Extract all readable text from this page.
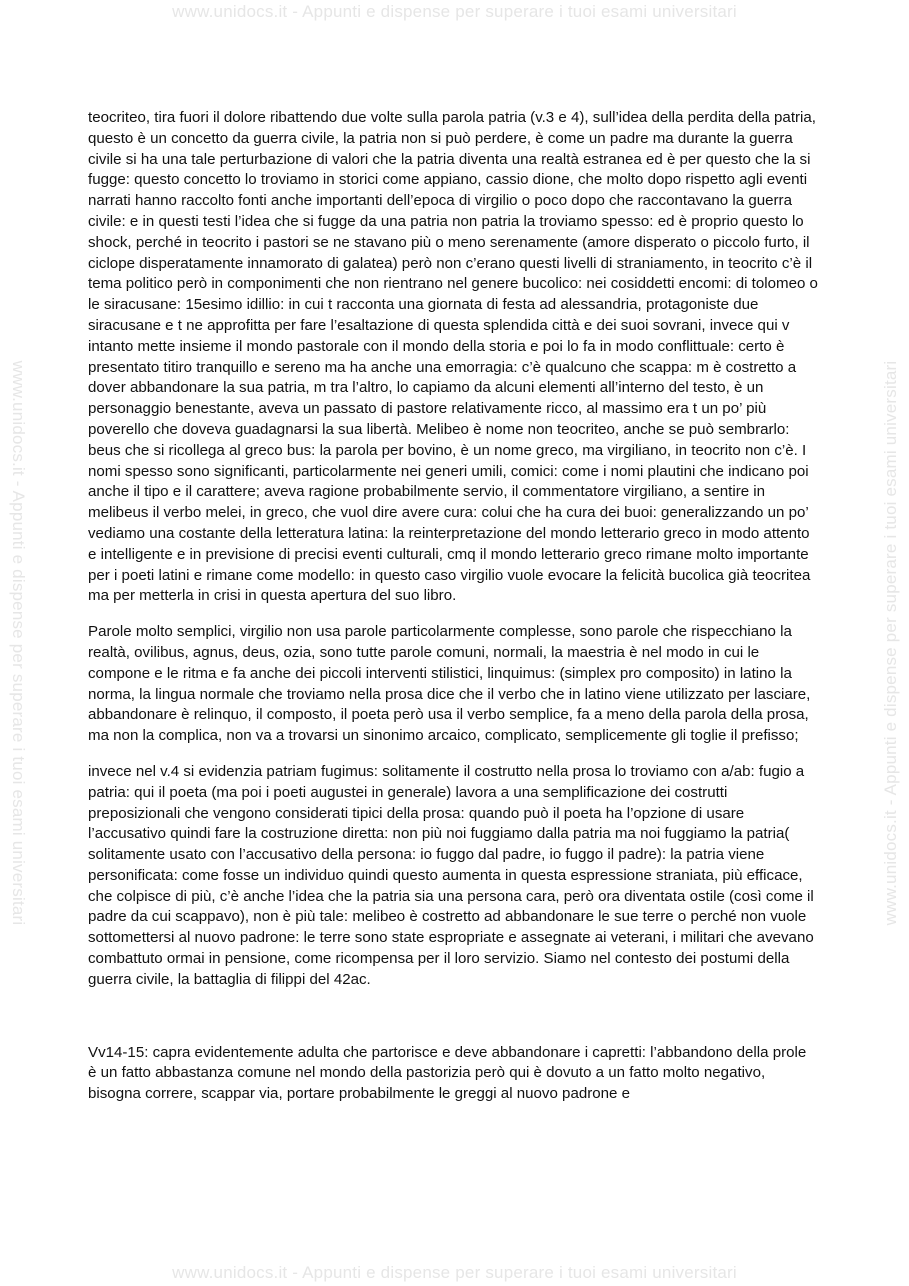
www.unidocs.it - Appunti e dispense per superare i tuoi esami universitari
www.unidocs.it - Appunti e dispense per superare i tuoi esami universitari	www.unidocs.it - Appunti e dispense per superare i tuoi esami universitari

teocriteo, tira fuori il dolore ribattendo due volte sulla parola patria (v.3 e 4), sull’idea della perdita della patria, questo è un concetto da guerra civile, la patria non si può perdere, è come un padre ma durante la guerra civile si ha una tale perturbazione di valori che la patria diventa una realtà estranea ed è per questo che la si fugge: questo concetto lo troviamo in storici come appiano, cassio dione, che molto dopo rispetto agli eventi narrati hanno raccolto fonti anche importanti dell’epoca di virgilio o poco dopo che raccontavano la guerra civile: e in questi testi l’idea che si fugge da una patria non patria la troviamo spesso: ed è proprio questo lo shock, perché in teocrito i pastori se ne stavano più o meno serenamente (amore disperato o piccolo furto, il ciclope disperatamente innamorato di galatea) però non c’erano questi livelli di straniamento, in teocrito c’è il tema politico però in componimenti che non rientrano nel genere bucolico: nei cosiddetti encomi: di tolomeo o le siracusane: 15esimo idillio: in cui t racconta una giornata di festa ad alessandria, protagoniste due siracusane e t ne approfitta per fare l’esaltazione di questa splendida città e dei suoi sovrani, invece qui v intanto mette insieme il mondo pastorale con il mondo della storia e poi lo fa in modo conflittuale: certo è presentato titiro tranquillo e sereno ma ha anche una emorragia: c’è qualcuno che scappa: m è costretto a dover abbandonare la sua patria, m tra l’altro, lo capiamo da alcuni elementi all’interno del testo, è un personaggio benestante, aveva un passato di pastore relativamente ricco, al massimo era t un po’ più poverello che doveva guadagnarsi la sua libertà. Melibeo è nome non teocriteo, anche se può sembrarlo: beus che si ricollega al greco bus: la parola per bovino, è un nome greco, ma virgiliano, in teocrito non c’è. I nomi spesso sono significanti, particolarmente nei generi umili, comici: come i nomi plautini che indicano poi anche il tipo e il carattere; aveva ragione probabilmente servio, il commentatore virgiliano, a sentire in melibeus il verbo melei, in greco, che vuol dire avere cura: colui che ha cura dei buoi: generalizzando un po’ vediamo una costante della letteratura latina: la reinterpretazione del mondo letterario greco in modo attento e intelligente e in previsione di precisi eventi culturali, cmq il mondo letterario greco rimane molto importante per i poeti latini e rimane come modello: in questo caso virgilio vuole evocare la felicità bucolica già teocritea ma per metterla in crisi in questa apertura del suo libro.

Parole molto semplici, virgilio non usa parole particolarmente complesse, sono parole che rispecchiano la realtà, ovilibus, agnus, deus, ozia, sono tutte parole comuni, normali, la maestria è nel modo in cui le compone e le ritma e fa anche dei piccoli interventi stilistici, linquimus: (simplex pro composito) in latino la norma, la lingua normale che troviamo nella prosa dice che il verbo che in latino viene utilizzato per lasciare, abbandonare è relinquo, il composto, il poeta però usa il verbo semplice, fa a meno della parola della prosa, ma non la complica, non va a trovarsi un sinonimo arcaico, complicato, semplicemente gli toglie il prefisso;

invece nel v.4 si evidenzia patriam fugimus: solitamente il costrutto nella prosa lo troviamo con a/ab: fugio a patria: qui il poeta (ma poi i poeti augustei in generale) lavora a una semplificazione dei costrutti preposizionali che vengono considerati tipici della prosa: quando può il poeta ha l’opzione di usare l’accusativo quindi fare la costruzione diretta: non più noi fuggiamo dalla patria ma noi fuggiamo la patria( solitamente usato con l’accusativo della persona: io fuggo dal padre, io fuggo il padre): la patria viene personificata: come fosse un individuo quindi questo aumenta in questa espressione straniata, più efficace, che colpisce di più, c’è anche l’idea che la patria sia una persona cara, però ora diventata ostile (così come il padre da cui scappavo), non è più tale: melibeo è costretto ad abbandonare le sue terre o perché non vuole sottomettersi al nuovo padrone: le terre sono state espropriate e assegnate ai veterani, i militari che avevano combattuto ormai in pensione, come ricompensa per il loro servizio. Siamo nel contesto dei postumi della guerra civile, la battaglia di filippi del 42ac.

Vv14-15: capra evidentemente adulta che partorisce e deve abbandonare i capretti: l’abbandono della prole è un fatto abbastanza comune nel mondo della pastorizia però qui è dovuto a un fatto molto negativo, bisogna correre, scappar via, portare probabilmente le greggi al nuovo padrone e

www.unidocs.it - Appunti e dispense per superare i tuoi esami universitari
